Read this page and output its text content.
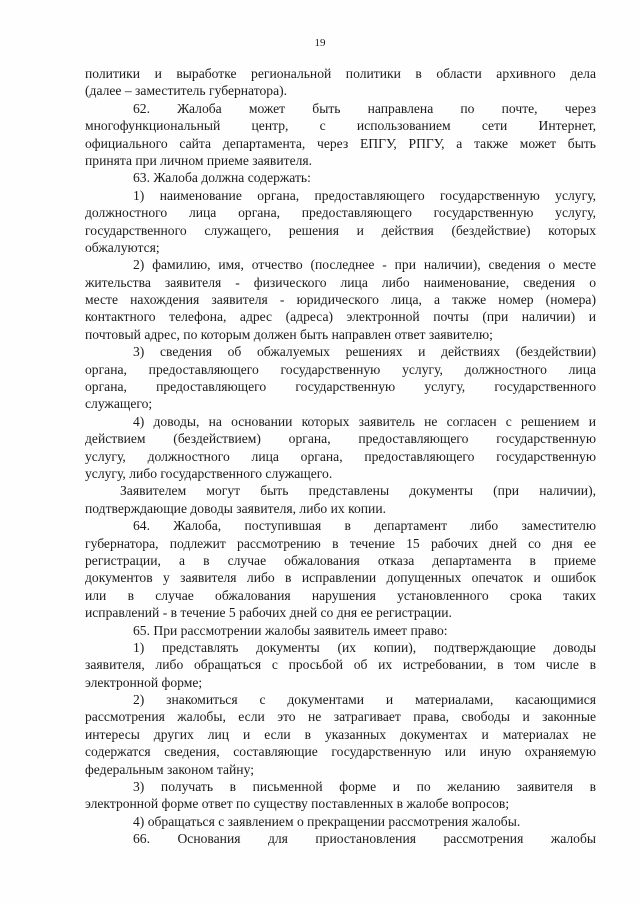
19
политики и выработке региональной политики в области архивного дела
(далее – заместитель губернатора).
62. Жалоба может быть направлена по почте, через
многофункциональный центр, с использованием сети Интернет,
официального сайта департамента, через ЕПГУ, РПГУ, а также может быть
принята при личном приеме заявителя.
63. Жалоба должна содержать:
1) наименование органа, предоставляющего государственную услугу,
должностного лица органа, предоставляющего государственную услугу,
государственного служащего, решения и действия (бездействие) которых
обжалуются;
2) фамилию, имя, отчество (последнее - при наличии), сведения о месте
жительства заявителя - физического лица либо наименование, сведения о
месте нахождения заявителя - юридического лица, а также номер (номера)
контактного телефона, адрес (адреса) электронной почты (при наличии) и
почтовый адрес, по которым должен быть направлен ответ заявителю;
3) сведения об обжалуемых решениях и действиях (бездействии)
органа, предоставляющего государственную услугу, должностного лица
органа, предоставляющего государственную услугу, государственного
служащего;
4) доводы, на основании которых заявитель не согласен с решением и
действием (бездействием) органа, предоставляющего государственную
услугу, должностного лица органа, предоставляющего государственную
услугу, либо государственного служащего.
Заявителем могут быть представлены документы (при наличии),
подтверждающие доводы заявителя, либо их копии.
64. Жалоба, поступившая в департамент либо заместителю
губернатора, подлежит рассмотрению в течение 15 рабочих дней со дня ее
регистрации, а в случае обжалования отказа департамента в приеме
документов у заявителя либо в исправлении допущенных опечаток и ошибок
или в случае обжалования нарушения установленного срока таких
исправлений - в течение 5 рабочих дней со дня ее регистрации.
65. При рассмотрении жалобы заявитель имеет право:
1) представлять документы (их копии), подтверждающие доводы
заявителя, либо обращаться с просьбой об их истребовании, в том числе в
электронной форме;
2) знакомиться с документами и материалами, касающимися
рассмотрения жалобы, если это не затрагивает права, свободы и законные
интересы других лиц и если в указанных документах и материалах не
содержатся сведения, составляющие государственную или иную охраняемую
федеральным законом тайну;
3) получать в письменной форме и по желанию заявителя в
электронной форме ответ по существу поставленных в жалобе вопросов;
4) обращаться с заявлением о прекращении рассмотрения жалобы.
66. Основания для приостановления рассмотрения жалобы
